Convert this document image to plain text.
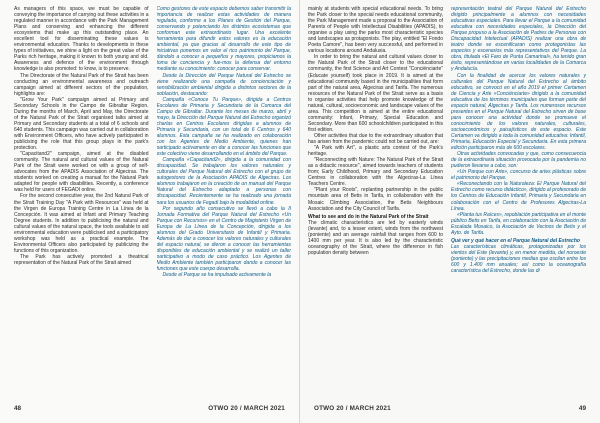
As managers of this space, we must be capable of conveying the importance of carrying out these activities in a regulated manner in accordance with the Park Management Plans and conserving and enhancing the different ecosystems that make up this outstanding place. An excellent tool for disseminating these values is environmental education. Thanks to developments in these types of initiatives, we shine a light on the great value of the Parks rich heritage, making it known to both young and old. Awareness and defence of the environment through knowledge is also promoted: to know, is to preserve.

The Directorate of the Natural Park of the Strait has been conducting an environmental awareness and outreach campaign aimed at different sectors of the population, highlights are:

"Grow Your Park" campaign aimed at Primary and Secondary Schools in the Campo de Gibraltar Region. During the months of March, April and May, the Directorate of the Natural Park of the Strait organised talks aimed at Primary and Secondary students at a total of 6 schools and 640 students. This campaign was carried out in collaboration with Environment Officers, who have actively participated in publicising the role that this group plays in the park's protection.

"Capacitand2" campaign, aimed at the disabled community. The natural and cultural values of the Natural Park of the Strait were worked on with a group of self-advocates from the APADIS Association of Algeciras. The students worked on creating a manual for the Natural Park adapted for people with disabilities. Recently, a conference was held for users of FEGADI online.

For the second consecutive year, the 2nd Natural Park of the Strait Training Day "A Park with Resources" was held at the Virgen de Europa Training Centre in La Línea de la Concepción. It was aimed at Infant and Primary Teaching Degree students. In addition to publicising the natural and cultural values of the natural space, the tools available to aid environmental education were publicised and a participatory workshop was held as a practical example. The Environmental Officers also participated by publicizing the functions of this organization.

The Park has actively promoted a theatrical representation of the Natural Park of the Strait aimed

Como gestores de este espacio debemos saber transmitir la importancia de realizar estas actividades de manera regulada, conforme a los Planes de Gestión del Parque, conservando y potenciando los distintos ecosistemas que conforman este extraordinario lugar. Una excelente herramienta para difundir estos valores es la educación ambiental, ya que gracias al desarrollo de este tipo de iniciativas ponemos en valor el rico patrimonio del Parque, dándolo a conocer a pequeños y mayores, propiciamos la toma de conciencia y fue-mos la defensa del entorno mediante su conocimiento: conocer para conservar.

Desde la Dirección del Parque Natural del Estrecho se viene realizando una campaña de concienciación y sensibilización ambiental dirigida a distintos sectores de la población, destacando:

Campaña «Conoce Tu Parque», dirigida a Centros Escolares de Primaria y Secundaria de la Comarca del Campo de Gibraltar. Durante los meses de marzo, abril y mayo, la Dirección del Parque Natural del Estrecho organizó charlas en Centros Escolares dirigidas a alumnos de Primaria y Secundaria, con un total de 6 Centros y 640 alumnos. Esta campaña se ha realizado en colaboración con los Agentes de Medio Ambiente, quienes han participado activamente en dar a conocer las funciones que este colectivo viene desarrollando en el ámbito del Parque.

Campaña «Capacitand2», dirigida a la comunidad con discapacidad. Se trabajaron los valores naturales y culturales del Parque Natural del Estrecho con el grupo de autogestores de la Asociación APADIS de Algeciras. Los alumnos trabajaron en la creación de un manual del Parque Natural del Estrecho adaptado a personas con discapacidad. Recientemente se ha realizado una jornada para los usuarios de Fegadi bajo la modalidad online.

Por segundo año consecutivo se llevó a cabo la II Jornada Formativa del Parque Natural del Estrecho «Un Parque con Recursos» en el Centro de Magisterio Virgen de Europa de La Línea de la Concepción, dirigida a los alumnos del Grado Universitario de Infantil y Primaria. Además de dar a conocer los valores naturales y culturales del espacio natural, se dieron a conocer las herramientas disponibles de educación ambiental y se realizó un taller participativo a modo de caso práctico. Los Agentes de Medio Ambiente también participaron dando a conocer las funciones que este cuerpo desarrolla.

Desde el Parque se ha impulsado activamente la

48	OTWO 20 / MARCH 2021

mainly at students with special educational needs. To bring the Park closer to the special needs educational community, the Park Management made a proposal to the Association of Parents of People with Intellectual Disabilities (APADIS), to organise a play using the parks most characteristic species and landscapes as protagonists. The play, entitled "El Fondo Poeta Camore", has been very successful, and performed in various locations around Andalusia.

In order to bring the natural and cultural values closer to the Natural Park of the Strait closer to the educational community, the first Science and Art Contest "Conciénciarte" (Educate yourself) took place in 2019. It is aimed at the educational community based in the municipalities that form part of the natural area, Algeciras and Tarifa. The numerous resources of the Natural Park of the Strait serve as a basis to organise activities that help promote knowledge of the natural, cultural, socioeconomic and landscape values of the area. This competition is aimed at the entire educational community: Infant, Primary, Special Education and Secondary. More than 600 schoolchildren participated in this first edition.

Other activities that due to the extraordinary situation that has arisen from the pandemic could not be carried out, are:

"A Park with Art", a plastic arts contest of the Park's heritage.

"Reconnecting with Nature: The Natural Park of the Strait as a didactic resource", aimed towards teachers of students from; Early Childhood, Primary and Secondary Education Centres in collaboration with the Algeciras-La Línea Teachers Centre.

"Plant your Roots", replanting partnership in the public mountain area of Betis in Tarifa, in collaboration with the Mosaic Climbing Association, the Betis Neighbours Association and the City Council of Tarifa.

What to see and do in the Natural Park of the Strait

The climatic characteristics are led by easterly winds (levante) and, to a lesser extent, winds from the northwest (poniente) and an average rainfall that ranges from 600 to 1400 mm per year. It is also led by the characteristic oceanography of the Strait, where the difference in fish population density between

representación teatral del Parque Natural del Estrecho dirigido principalmente a alumnos con necesidades educativas especiales. Para llevar el Parque a la comunidad educativa con necesidades especiales, la Dirección del Parque propuso a la Asociación de Padres de Personas con Discapacidad Intelectual (APADIS) realizar una obra de teatro donde se escenificaran como protagonistas las especies y escenarios más representativos del Parque. La obra, titulada «El Faro de Punta Camarinal», ha tenido gran éxito, representándose en varias localidades de la Comarca y Andalucía.

Con la finalidad de acercar los valores naturales y culturales del Parque Natural del Estrecho al ámbito educativo, se convocó en el año 2019 el primer Certamen de Ciencia y Arte «Conciénciarte» dirigido a la comunidad educativa de los términos municipales que forman parte del espacio natural, Algeciras y Tarifa. Los numerosos recursos presentes en el Parque Natural del Estrecho sirven de base para conocer una actividad donde se promueve el conocimiento de los valores naturales, culturales, socioeconómicos y paisajísticos de este espacio. Este Certamen va dirigido a toda la comunidad educativa: Infantil, Primaria, Educación Especial y Secundaria. En esta primera edición participaron más de 600 escolares.

Otras actividades convocadas y que, como consecuencia de la extraordinaria situación provocada por la pandemia no pudieron llevarse a cabo, son:

«Un Parque con Arte», concurso de artes plásticas sobre el patrimonio del Parque.

«Reconectando con la Naturaleza: El Parque Natural del Estrecho como recurso didáctico», dirigido al profesorado de los Centros de Educación Infantil, Primaria y Secundaria en colaboración con el Centro de Profesores Algeciras-La Línea.

«Planta tus Raíces», repoblación participativa en el monte público Betis en Tarifa, en colaboración con la Asociación de Escalada Mosaico, la Asociación de Vecinos de Betis y el Ayto. de Tarifa.

Qué ver y qué hacer en el Parque Natural del Estrecho

Las características climáticas, protagonizadas por los vientos del Este (levante) y, en menor medida, del noroeste (poniente) y las precipitaciones medias que oscilan entre los 600 y 1.400 mm anuales; así como la oceanografía característica del Estrecho, donde las di

OTWO 20 / MARCH 2021	49
